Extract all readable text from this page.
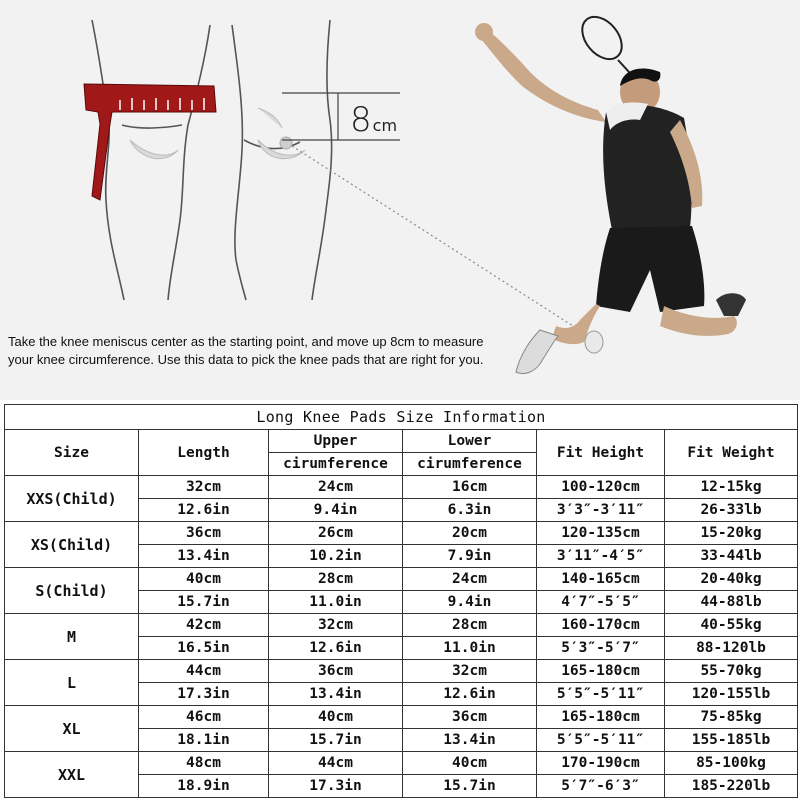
8cm
Take the knee meniscus center as the starting point, and move up 8cm to measure your knee circumference. Use this data to pick the knee pads that are right for you.
Long Knee Pads Size Information					
Size	Length	Upper	Lower	Fit Height	Fit Weight
		cirumference	cirumference		
XXS(Child)	32cm	24cm	16cm	100-120cm	12-15kg
	12.6in	9.4in	6.3in	3′3″-3′11″	26-33lb
XS(Child)	36cm	26cm	20cm	120-135cm	15-20kg
	13.4in	10.2in	7.9in	3′11″-4′5″	33-44lb
S(Child)	40cm	28cm	24cm	140-165cm	20-40kg
	15.7in	11.0in	9.4in	4′7″-5′5″	44-88lb
M	42cm	32cm	28cm	160-170cm	40-55kg
	16.5in	12.6in	11.0in	5′3″-5′7″	88-120lb
L	44cm	36cm	32cm	165-180cm	55-70kg
	17.3in	13.4in	12.6in	5′5″-5′11″	120-155lb
XL	46cm	40cm	36cm	165-180cm	75-85kg
	18.1in	15.7in	13.4in	5′5″-5′11″	155-185lb
XXL	48cm	44cm	40cm	170-190cm	85-100kg
	18.9in	17.3in	15.7in	5′7″-6′3″	185-220lb
